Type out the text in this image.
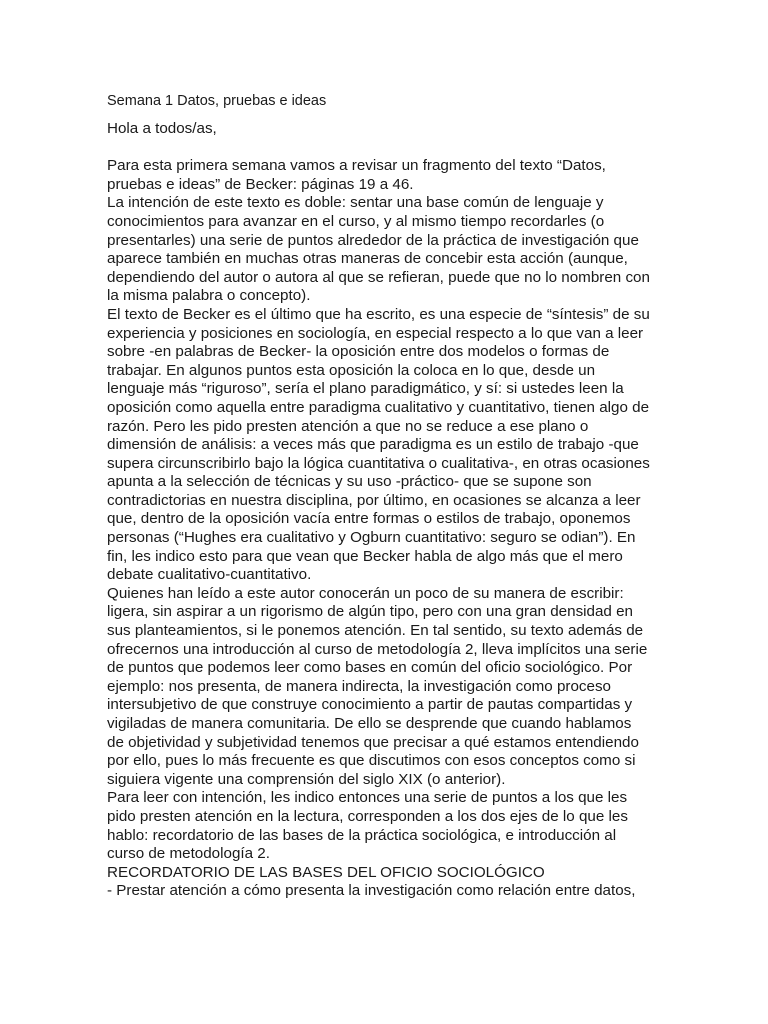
Semana 1 Datos, pruebas e ideas
Hola a todos/as,
Para esta primera semana vamos a revisar un fragmento del texto “Datos,
pruebas e ideas” de Becker: páginas 19 a 46.
La intención de este texto es doble: sentar una base común de lenguaje y
conocimientos para avanzar en el curso, y al mismo tiempo recordarles (o
presentarles) una serie de puntos alrededor de la práctica de investigación que
aparece también en muchas otras maneras de concebir esta acción (aunque,
dependiendo del autor o autora al que se refieran, puede que no lo nombren con
la misma palabra o concepto).
El texto de Becker es el último que ha escrito, es una especie de “síntesis” de su
experiencia y posiciones en sociología, en especial respecto a lo que van a leer
sobre -en palabras de Becker- la oposición entre dos modelos o formas de
trabajar. En algunos puntos esta oposición la coloca en lo que, desde un
lenguaje más “riguroso”, sería el plano paradigmático, y sí: si ustedes leen la
oposición como aquella entre paradigma cualitativo y cuantitativo, tienen algo de
razón. Pero les pido presten atención a que no se reduce a ese plano o
dimensión de análisis: a veces más que paradigma es un estilo de trabajo -que
supera circunscribirlo bajo la lógica cuantitativa o cualitativa-, en otras ocasiones
apunta a la selección de técnicas y su uso -práctico- que se supone son
contradictorias en nuestra disciplina, por último, en ocasiones se alcanza a leer
que, dentro de la oposición vacía entre formas o estilos de trabajo, oponemos
personas (“Hughes era cualitativo y Ogburn cuantitativo: seguro se odian”). En
fin, les indico esto para que vean que Becker habla de algo más que el mero
debate cualitativo-cuantitativo.
Quienes han leído a este autor conocerán un poco de su manera de escribir:
ligera, sin aspirar a un rigorismo de algún tipo, pero con una gran densidad en
sus planteamientos, si le ponemos atención. En tal sentido, su texto además de
ofrecernos una introducción al curso de metodología 2, lleva implícitos una serie
de puntos que podemos leer como bases en común del oficio sociológico. Por
ejemplo: nos presenta, de manera indirecta, la investigación como proceso
intersubjetivo de que construye conocimiento a partir de pautas compartidas y
vigiladas de manera comunitaria. De ello se desprende que cuando hablamos
de objetividad y subjetividad tenemos que precisar a qué estamos entendiendo
por ello, pues lo más frecuente es que discutimos con esos conceptos como si
siguiera vigente una comprensión del siglo XIX (o anterior).
Para leer con intención, les indico entonces una serie de puntos a los que les
pido presten atención en la lectura, corresponden a los dos ejes de lo que les
hablo: recordatorio de las bases de la práctica sociológica, e introducción al
curso de metodología 2.
RECORDATORIO DE LAS BASES DEL OFICIO SOCIOLÓGICO
- Prestar atención a cómo presenta la investigación como relación entre datos,
